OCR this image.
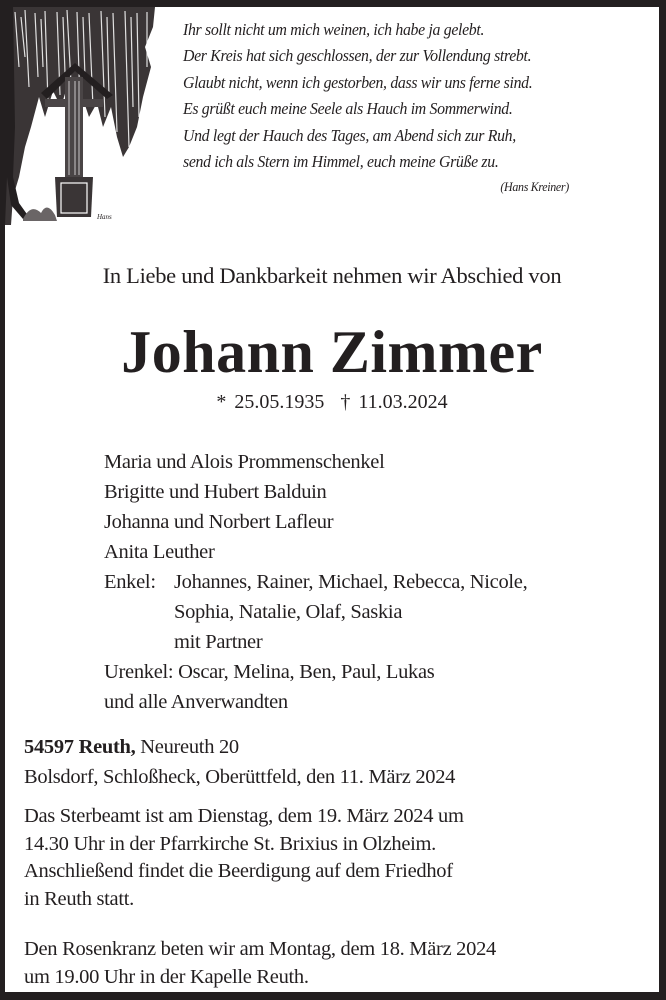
Hans
Ihr sollt nicht um mich weinen, ich habe ja gelebt.
Der Kreis hat sich geschlossen, der zur Vollendung strebt.
Glaubt nicht, wenn ich gestorben, dass wir uns ferne sind.
Es grüßt euch meine Seele als Hauch im Sommerwind.
Und legt der Hauch des Tages, am Abend sich zur Ruh,
send ich als Stern im Himmel, euch meine Grüße zu.
(Hans Kreiner)
In Liebe und Dankbarkeit nehmen wir Abschied von
Johann Zimmer
* 25.05.1935 † 11.03.2024
Maria und Alois Prommenschenkel
Brigitte und Hubert Balduin
Johanna und Norbert Lafleur
Anita Leuther
Enkel: Johannes, Rainer, Michael, Rebecca, Nicole,
Sophia, Natalie, Olaf, Saskia
mit Partner
Urenkel:
Oscar, Melina, Ben, Paul, Lukas
und alle Anverwandten
54597 Reuth, Neureuth 20
Bolsdorf, Schloßheck, Oberüttfeld, den 11. März 2024
Das Sterbeamt ist am Dienstag, dem 19. März 2024 um
14.30 Uhr in der Pfarrkirche St. Brixius in Olzheim.
Anschließend findet die Beerdigung auf dem Friedhof
in Reuth statt.
Den Rosenkranz beten wir am Montag, dem 18. März 2024
um 19.00 Uhr in der Kapelle Reuth.
